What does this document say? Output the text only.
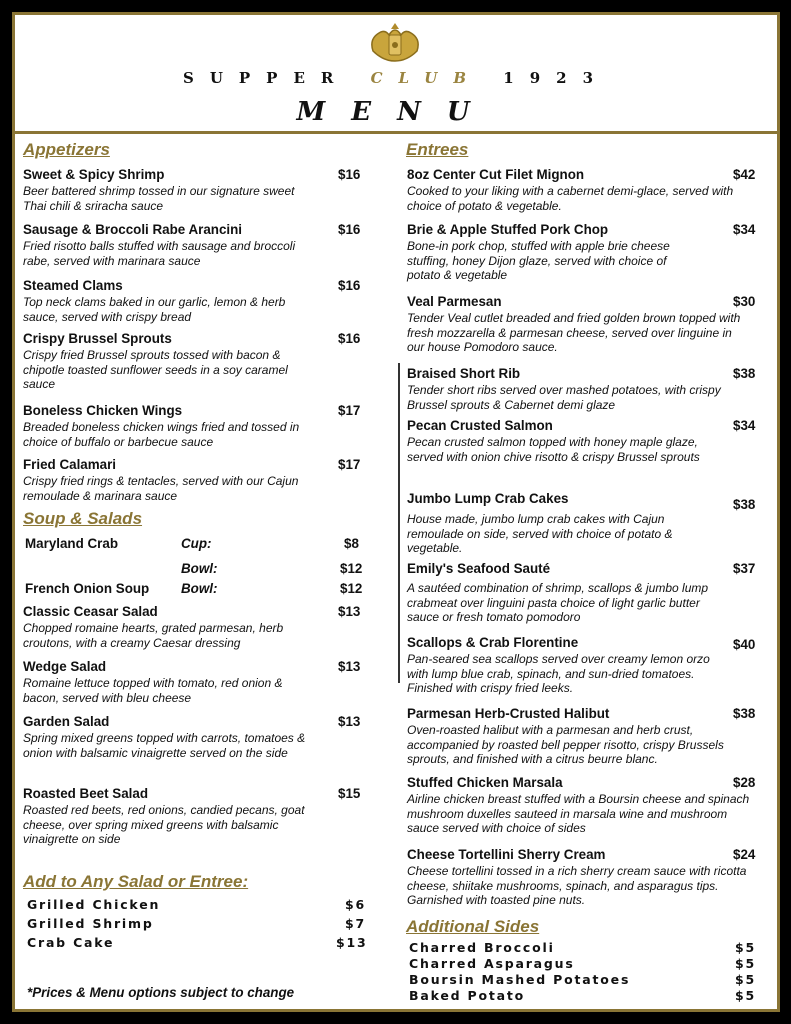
SUPPER CLUB 1923
MENU
Appetizers
Sweet & Spicy Shrimp	$16
Beer battered shrimp tossed in our signature sweet Thai chili & sriracha sauce
Sausage & Broccoli Rabe Arancini	$16
Fried risotto balls stuffed with sausage and broccoli rabe, served with marinara sauce
Steamed Clams	$16
Top neck clams baked in our garlic, lemon & herb sauce, served with crispy bread
Crispy Brussel Sprouts	$16
Crispy fried Brussel sprouts tossed with bacon & chipotle toasted sunflower seeds in a soy caramel sauce
Boneless Chicken Wings	$17
Breaded boneless chicken wings fried and tossed in choice of buffalo or barbecue sauce
Fried Calamari	$17
Crispy fried rings & tentacles, served with our Cajun remoulade & marinara sauce
Soup & Salads
Maryland Crab	Cup:	$8
Bowl:	$12
French Onion Soup Bowl:	$12
Classic Ceasar Salad	$13
Chopped romaine hearts, grated parmesan, herb croutons, with a creamy Caesar dressing
Wedge Salad	$13
Romaine lettuce topped with tomato, red onion & bacon, served with bleu cheese
Garden Salad	$13
Spring mixed greens topped with carrots, tomatoes & onion with balsamic vinaigrette served on the side
Roasted Beet Salad	$15
Roasted red beets, red onions, candied pecans, goat cheese, over spring mixed greens with balsamic vinaigrette on side
Add to Any Salad or Entree:
Grilled Chicken	$6
Grilled Shrimp	$7
Crab Cake	$13
*Prices & Menu options subject to change
Entrees
8oz Center Cut Filet Mignon	$42
Cooked to your liking with a cabernet demi-glace, served with choice of potato & vegetable.
Brie & Apple Stuffed Pork Chop	$34
Bone-in pork chop, stuffed with apple brie cheese stuffing, honey Dijon glaze, served with choice of potato & vegetable
Veal Parmesan	$30
Tender Veal cutlet breaded and fried golden brown topped with fresh mozzarella & parmesan cheese, served over linguine in our house Pomodoro sauce.
Braised Short Rib	$38
Tender short ribs served over mashed potatoes, with crispy Brussel sprouts & Cabernet demi glaze
Pecan Crusted Salmon	$34
Pecan crusted salmon topped with honey maple glaze, served with onion chive risotto & crispy Brussel sprouts
Jumbo Lump Crab Cakes	$38
House made, jumbo lump crab cakes with Cajun remoulade on side, served with choice of potato & vegetable.
Emily's Seafood Sauté	$37
A sautéed combination of shrimp, scallops & jumbo lump crabmeat over linguini pasta choice of light garlic butter sauce or fresh tomato pomodoro
Scallops & Crab Florentine	$40
Pan-seared sea scallops served over creamy lemon orzo with lump blue crab, spinach, and sun-dried tomatoes. Finished with crispy fried leeks.
Parmesan Herb-Crusted Halibut	$38
Oven-roasted halibut with a parmesan and herb crust, accompanied by roasted bell pepper risotto, crispy Brussels sprouts, and finished with a citrus beurre blanc.
Stuffed Chicken Marsala	$28
Airline chicken breast stuffed with a Boursin cheese and spinach mushroom duxelles sauteed in marsala wine and mushroom sauce served with choice of sides
Cheese Tortellini Sherry Cream	$24
Cheese tortellini tossed in a rich sherry cream sauce with ricotta cheese, shiitake mushrooms, spinach, and asparagus tips. Garnished with toasted pine nuts.
Additional Sides
Charred Broccoli	$5
Charred Asparagus	$5
Boursin Mashed Potatoes	$5
Baked Potato	$5
